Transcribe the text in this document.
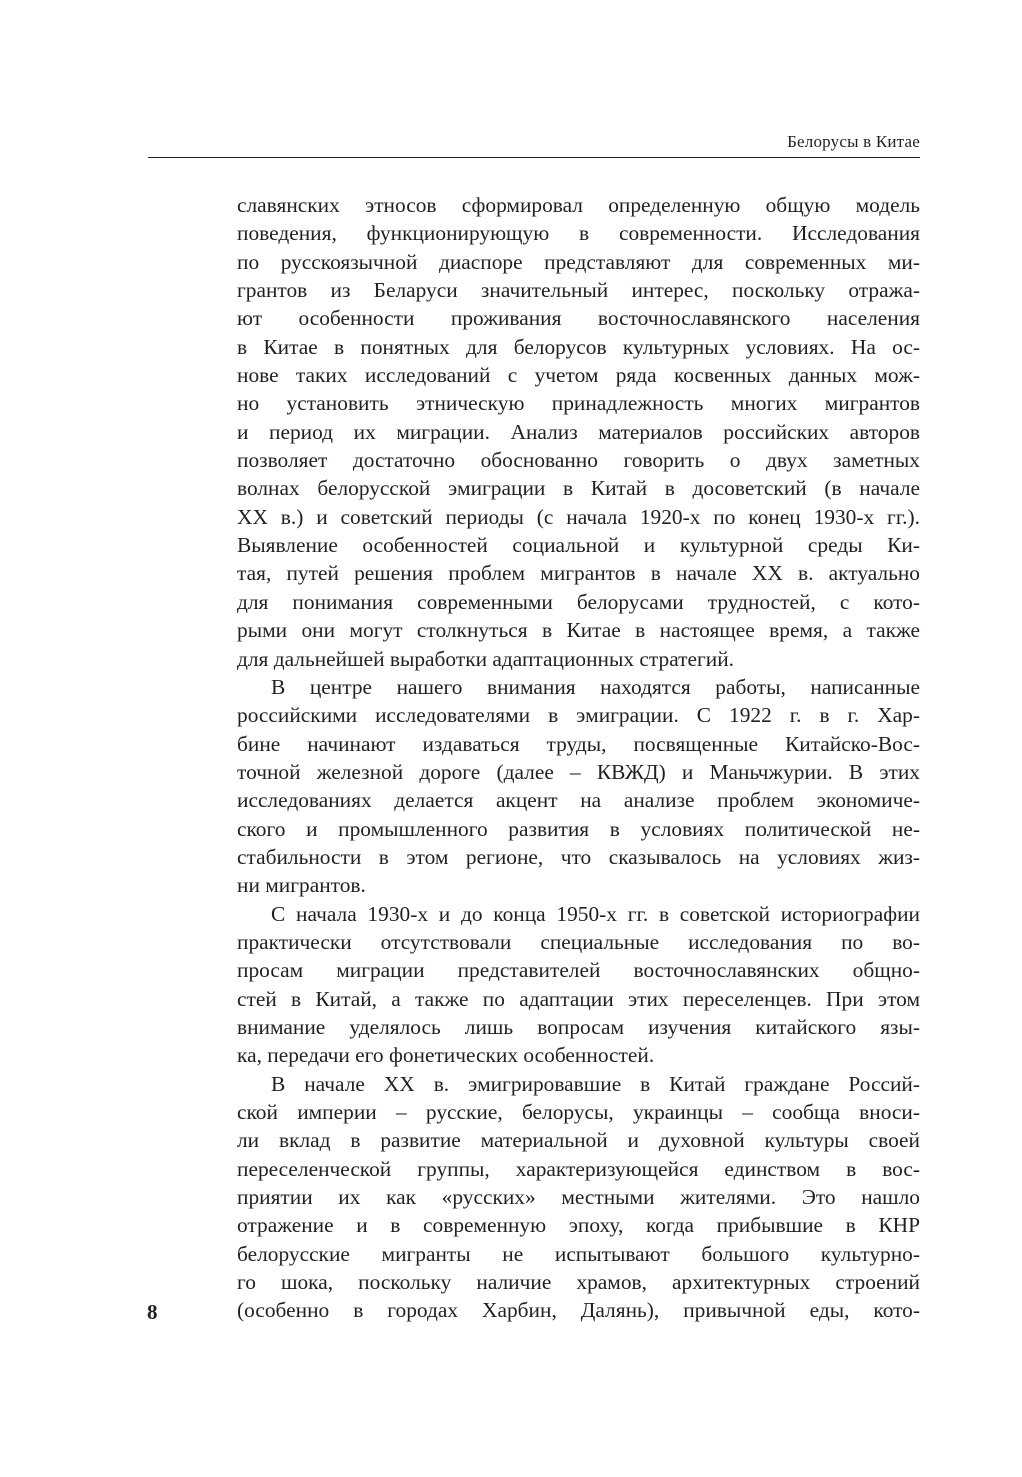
Белорусы в Китае
славянских этносов сформировал определенную общую модель
поведения, функционирующую в современности. Исследования
по русскоязычной диаспоре представляют для современных ми-
грантов из Беларуси значительный интерес, поскольку отража-
ют особенности проживания восточнославянского населения
в Китае в понятных для белорусов культурных условиях. На ос-
нове таких исследований с учетом ряда косвенных данных мож-
но установить этническую принадлежность многих мигрантов
и период их миграции. Анализ материалов российских авторов
позволяет достаточно обоснованно говорить о двух заметных
волнах белорусской эмиграции в Китай в досоветский (в начале
ХХ в.) и советский периоды (с начала 1920-х по конец 1930-х гг.).
Выявление особенностей социальной и культурной среды Ки-
тая, путей решения проблем мигрантов в начале ХХ в. актуально
для понимания современными белорусами трудностей, с кото-
рыми они могут столкнуться в Китае в настоящее время, а также
для дальнейшей выработки адаптационных стратегий.
В центре нашего внимания находятся работы, написанные
российскими исследователями в эмиграции. С 1922 г. в г. Хар-
бине начинают издаваться труды, посвященные Китайско-Вос-
точной железной дороге (далее – КВЖД) и Маньчжурии. В этих
исследованиях делается акцент на анализе проблем экономиче-
ского и промышленного развития в условиях политической не-
стабильности в этом регионе, что сказывалось на условиях жиз-
ни мигрантов.
С начала 1930-х и до конца 1950-х гг. в советской историографии
практически отсутствовали специальные исследования по во-
просам миграции представителей восточнославянских общно-
стей в Китай, а также по адаптации этих переселенцев. При этом
внимание уделялось лишь вопросам изучения китайского язы-
ка, передачи его фонетических особенностей.
В начале ХХ в. эмигрировавшие в Китай граждане Россий-
ской империи – русские, белорусы, украинцы – сообща вноси-
ли вклад в развитие материальной и духовной культуры своей
переселенческой группы, характеризующейся единством в вос-
приятии их как «русских» местными жителями. Это нашло
отражение и в современную эпоху, когда прибывшие в КНР
белорусские мигранты не испытывают большого культурно-
го шока, поскольку наличие храмов, архитектурных строений
(особенно в городах Харбин, Далянь), привычной еды, кото-
8
